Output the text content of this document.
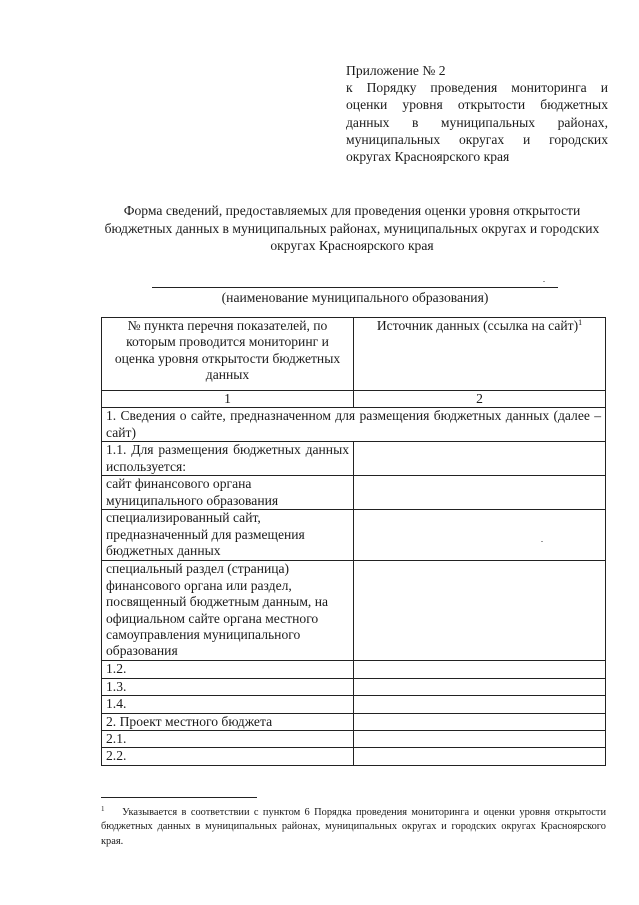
Приложение № 2
к Порядку проведения мониторинга и оценки уровня открытости бюджетных данных в муниципальных районах, муниципальных округах и городских округах Красноярского края
Форма сведений, предоставляемых для проведения оценки уровня открытости бюджетных данных в муниципальных районах, муниципальных округах и городских округах Красноярского края
(наименование муниципального образования)
№ пункта перечня показателей, по которым проводится мониторинг и оценка уровня открытости бюджетных данных	Источник данных (ссылка на сайт)$^1$
1	2
1. Сведения о сайте, предназначенном для размещения бюджетных данных (далее – сайт)	
1.1. Для размещения бюджетных данных используется:	
сайт финансового органа муниципального образования	
специализированный сайт, предназначенный для размещения бюджетных данных	
специальный раздел (страница) финансового органа или раздел, посвященный бюджетным данным, на официальном сайте органа местного самоуправления муниципального образования	
1.2.	
1.3.	
1.4.	
2. Проект местного бюджета	
2.1.	
2.2.	
$^1$ Указывается в соответствии с пунктом 6 Порядка проведения мониторинга и оценки уровня открытости бюджетных данных в муниципальных районах, муниципальных округах и городских округах Красноярского края.
